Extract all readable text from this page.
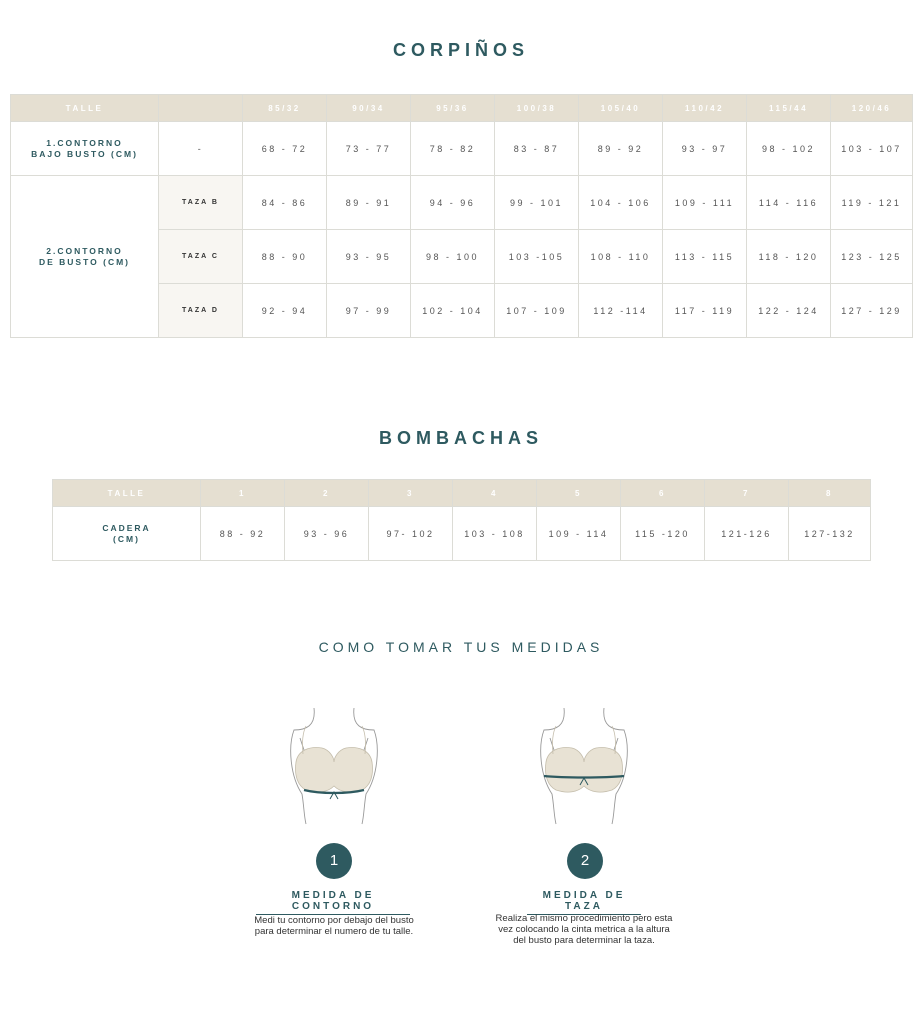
CORPIÑOS
TALLE		85/32	90/34	95/36	100/38	105/40	110/42	115/44	120/46

1.CONTORNO
BAJO BUSTO (CM)	-	68 - 72	73 - 77	78 - 82	83 - 87	89 - 92	93 - 97	98 - 102	103 - 107

2.CONTORNO
DE BUSTO (CM)	TAZA B	84 - 86	89 - 91	94 - 96	99 - 101	104 - 106	109 - 111	114 - 116	119 - 121
	TAZA C	88 - 90	93 - 95	98 - 100	103 -105	108 - 110	113 - 115	118 - 120	123 - 125
	TAZA D	92 - 94	97 - 99	102 - 104	107 - 109	112 -114	117 - 119	122 - 124	127 - 129
BOMBACHAS
TALLE	1	2	3	4	5	6	7	8

CADERA
(CM)	88 - 92	93 - 96	97- 102	103 - 108	109 - 114	115 -120	121-126	127-132
COMO TOMAR TUS MEDIDAS
1
MEDIDA DE CONTORNO
Medi tu contorno por debajo del busto
para determinar el numero de tu talle.
2
MEDIDA DE TAZA
Realiza el mismo procedimiento pero esta
vez colocando la cinta metrica a la altura
del busto para determinar la taza.
